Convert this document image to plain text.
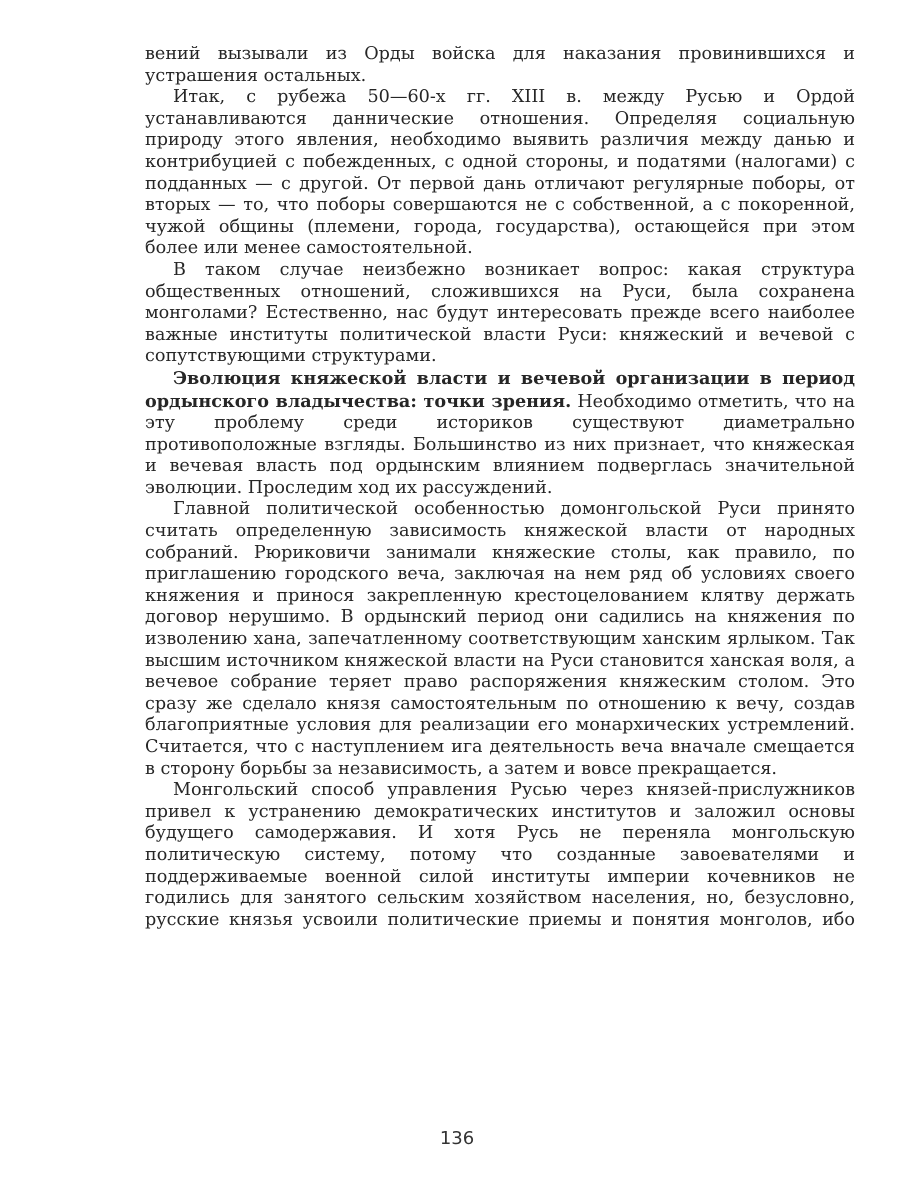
вений вызывали из Орды войска для наказания провинившихся и устрашения остальных.

Итак, с рубежа 50—60-х гг. XIII в. между Русью и Ордой устанавливаются даннические отношения. Определяя социальную природу этого явления, необходимо выявить различия между данью и контрибуцией с побежденных, с одной стороны, и податями (налогами) с подданных — с другой. От первой дань отличают регулярные поборы, от вторых — то, что поборы совершаются не с собственной, а с покоренной, чужой общины (племени, города, государства), остающейся при этом более или менее самостоятельной.

В таком случае неизбежно возникает вопрос: какая структура общественных отношений, сложившихся на Руси, была сохранена монголами? Естественно, нас будут интересовать прежде всего наиболее важные институты политической власти Руси: княжеский и вечевой с сопутствующими структурами.

Эволюция княжеской власти и вечевой организации в период ордынского владычества: точки зрения. Необходимо отметить, что на эту проблему среди историков существуют диаметрально противоположные взгляды. Большинство из них признает, что княжеская и вечевая власть под ордынским влиянием подверглась значительной эволюции. Проследим ход их рассуждений.

Главной политической особенностью домонгольской Руси принято считать определенную зависимость княжеской власти от народных собраний. Рюриковичи занимали княжеские столы, как правило, по приглашению городского веча, заключая на нем ряд об условиях своего княжения и принося закрепленную крестоцелованием клятву держать договор нерушимо. В ордынский период они садились на княжения по изволению хана, запечатленному соответствующим ханским ярлыком. Так высшим источником княжеской власти на Руси становится ханская воля, а вечевое собрание теряет право распоряжения княжеским столом. Это сразу же сделало князя самостоятельным по отношению к вечу, создав благоприятные условия для реализации его монархических устремлений. Считается, что с наступлением ига деятельность веча вначале смещается в сторону борьбы за независимость, а затем и вовсе прекращается.

Монгольский способ управления Русью через князей-прислужников привел к устранению демократических институтов и заложил основы будущего самодержавия. И хотя Русь не переняла монгольскую политическую систему, потому что созданные завоевателями и поддерживаемые военной силой институты империи кочевников не годились для занятого сельским хозяйством населения, но, безусловно, русские князья усвоили политические приемы и понятия монголов, ибо

136
